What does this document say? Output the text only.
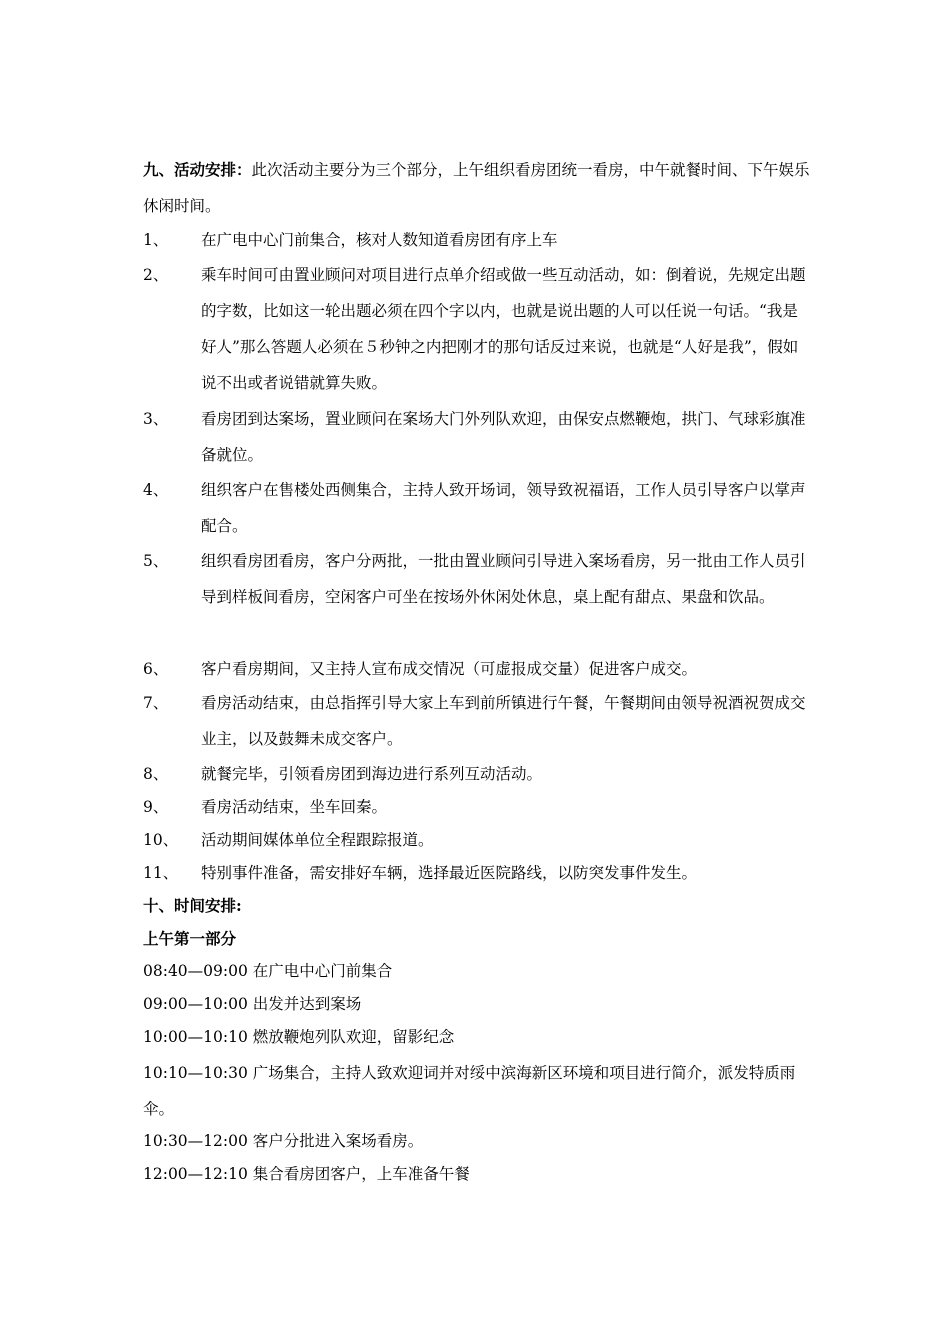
九、活动安排：此次活动主要分为三个部分，上午组织看房团统一看房，中午就餐时间、下午娱乐休闲时间。

1、	在广电中心门前集合，核对人数知道看房团有序上车
2、	乘车时间可由置业顾问对项目进行点单介绍或做一些互动活动，如：倒着说，先规定出题的字数，比如这一轮出题必须在四个字以内，也就是说出题的人可以任说一句话。“我是好人”那么答题人必须在５秒钟之内把刚才的那句话反过来说，也就是“人好是我”，假如说不出或者说错就算失败。
3、	看房团到达案场，置业顾问在案场大门外列队欢迎，由保安点燃鞭炮，拱门、气球彩旗准备就位。
4、	组织客户在售楼处西侧集合，主持人致开场词，领导致祝福语，工作人员引导客户以掌声配合。
5、	组织看房团看房，客户分两批，一批由置业顾问引导进入案场看房，另一批由工作人员引导到样板间看房，空闲客户可坐在按场外休闲处休息，桌上配有甜点、果盘和饮品。
6、	客户看房期间，又主持人宣布成交情况（可虚报成交量）促进客户成交。
7、	看房活动结束，由总指挥引导大家上车到前所镇进行午餐，午餐期间由领导祝酒祝贺成交业主，以及鼓舞未成交客户。
8、	就餐完毕，引领看房团到海边进行系列互动活动。
9、	看房活动结束，坐车回秦。
10、	活动期间媒体单位全程跟踪报道。
11、	特别事件准备，需安排好车辆，选择最近医院路线，以防突发事件发生。
十、时间安排:
上午第一部分
08:40—09:00 在广电中心门前集合
09:00—10:00 出发并达到案场
10:00—10:10 燃放鞭炮列队欢迎，留影纪念
10:10—10:30 广场集合，主持人致欢迎词并对绥中滨海新区环境和项目进行简介，派发特质雨伞。
10:30—12:00 客户分批进入案场看房。
12:00—12:10 集合看房团客户，上车准备午餐
